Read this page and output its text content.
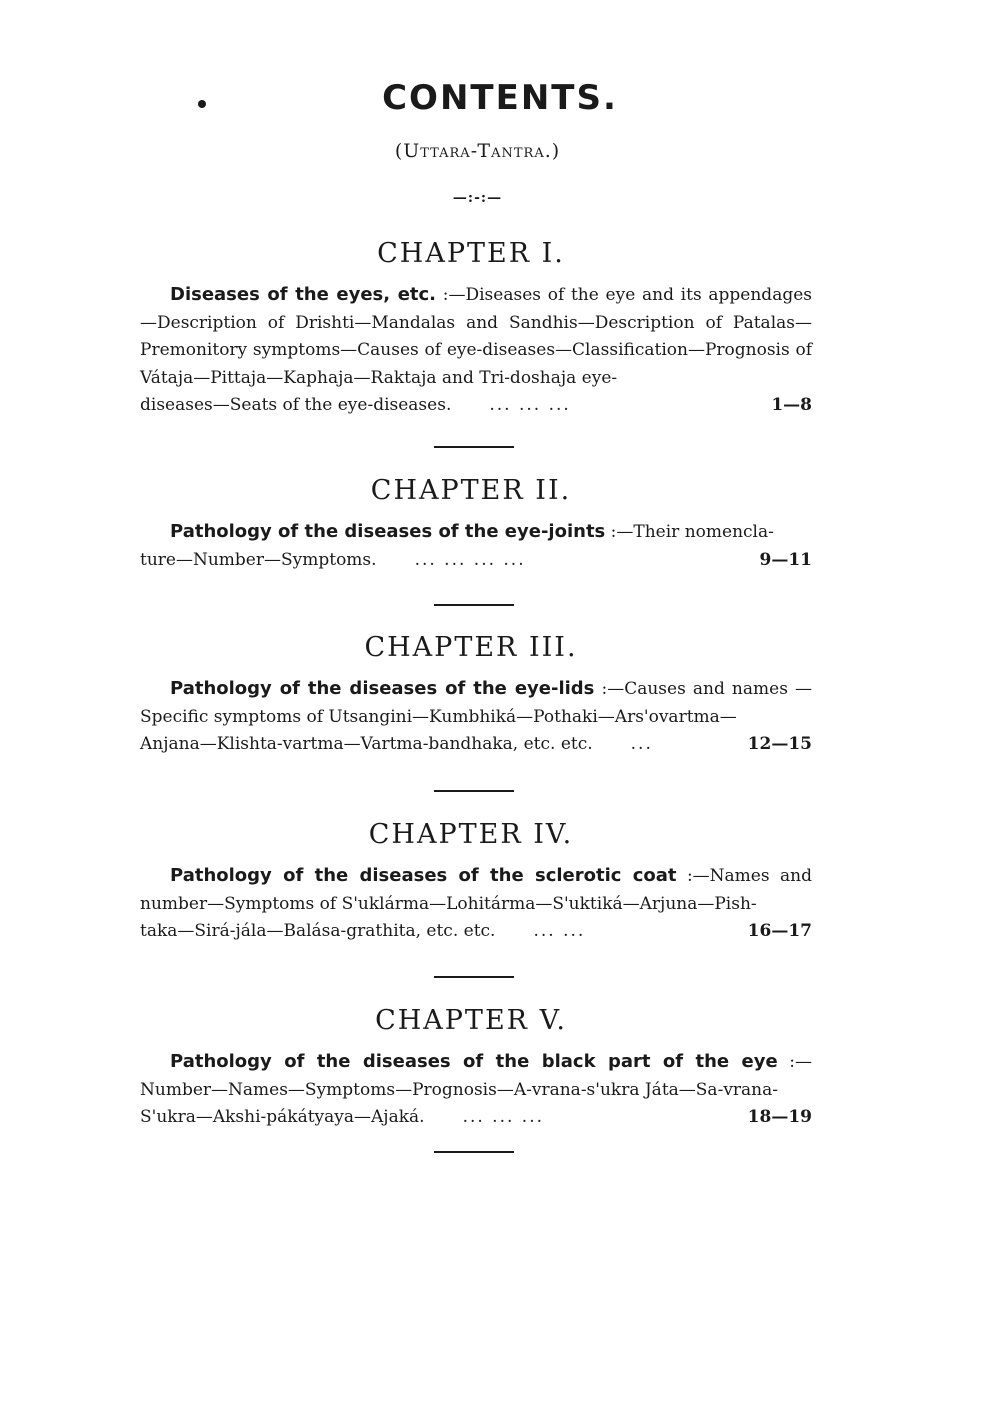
CONTENTS.
(Uttara-Tantra.)
—:-:—
CHAPTER I.

Diseases of the eyes, etc. :—Diseases of the eye and its appendages—Description of Drishti—Mandalas and Sandhis—Description of Patalas—Premonitory symptoms—Causes of eye-diseases—Classification—Prognosis of Vátaja—Pittaja—Kaphaja—Raktaja and Tri-doshaja eye-
diseases—Seats of the eye-diseases. ... ... ...	1—8

CHAPTER II.

Pathology of the diseases of the eye-joints :—Their nomencla-
ture—Number—Symptoms. ... ... ... ...	9—11

CHAPTER III.

Pathology of the diseases of the eye-lids :—Causes and names —Specific symptoms of Utsangini—Kumbhiká—Pothaki—Ars'ovartma—
Anjana—Klishta-vartma—Vartma-bandhaka, etc. etc. ...	12—15

CHAPTER IV.

Pathology of the diseases of the sclerotic coat :—Names and number—Symptoms of S'uklárma—Lohitárma—S'uktiká—Arjuna—Pish-
taka—Sirá-jála—Balása-grathita, etc. etc. ... ...	16—17

CHAPTER V.

Pathology of the diseases of the black part of the eye :— Number—Names—Symptoms—Prognosis—A-vrana-s'ukra Játa—Sa-vrana-
S'ukra—Akshi-pákátyaya—Ajaká. ... ... ...	18—19
